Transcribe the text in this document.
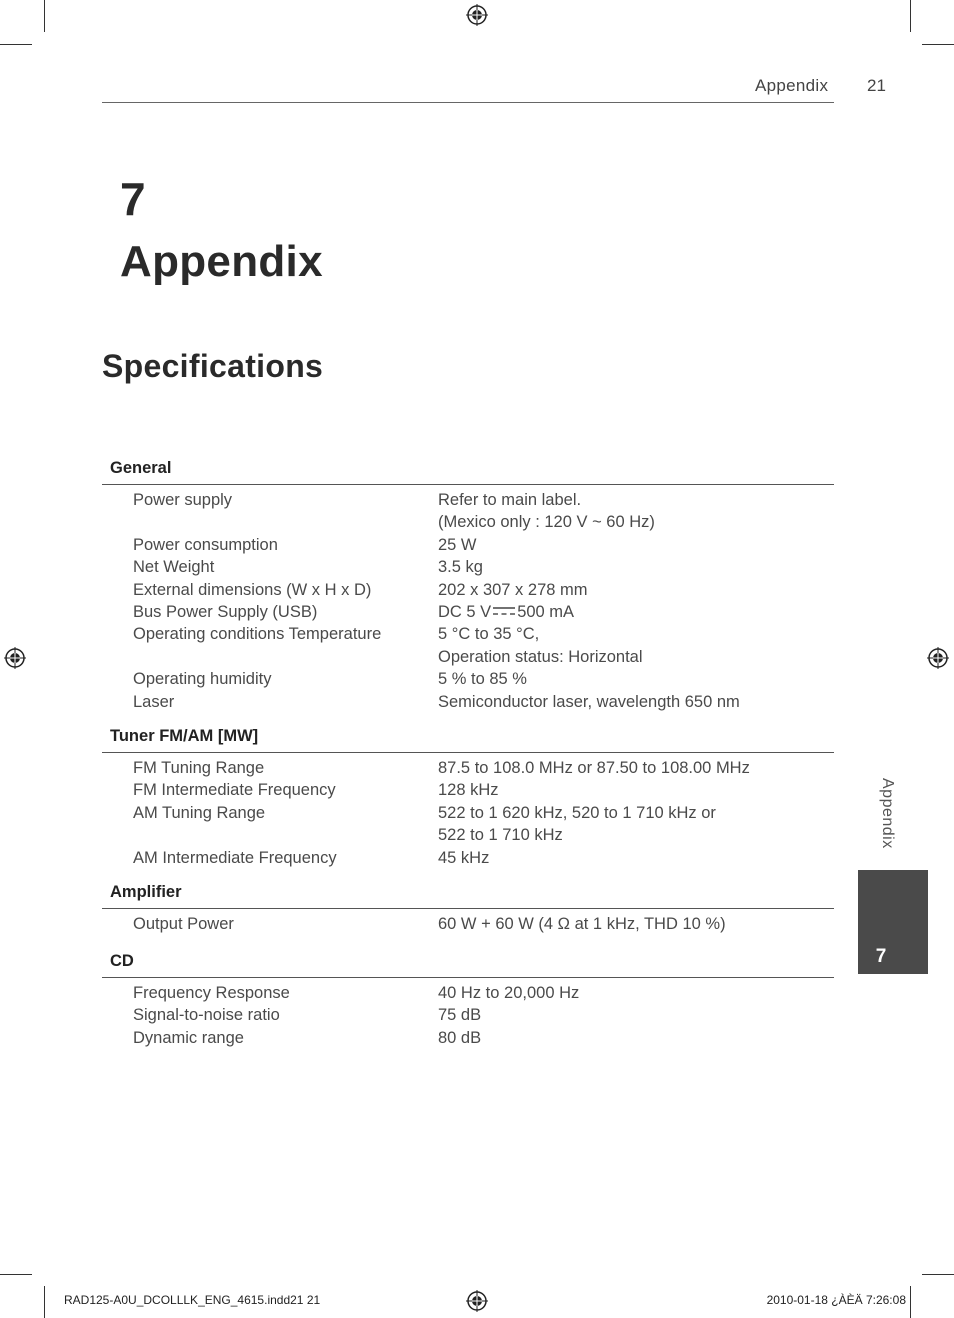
Appendix 21
7
Appendix
Specifications
General
Power supply	Refer to main label.
(Mexico only : 120 V ~ 60 Hz)
Power consumption	25 W
Net Weight	3.5 kg
External dimensions (W x H x D)	202 x 307 x 278 mm
Bus Power Supply (USB)	DC 5 V 500 mA
Operating conditions Temperature	5 °C to 35 °C,
Operation status: Horizontal
Operating humidity	5 % to 85 %
Laser	Semiconductor laser, wavelength 650 nm
Tuner FM/AM [MW]
FM Tuning Range	87.5 to 108.0 MHz or 87.50 to 108.00 MHz
FM Intermediate Frequency	128 kHz
AM Tuning Range	522 to 1 620 kHz, 520 to 1 710 kHz or
522 to 1 710 kHz
AM Intermediate Frequency	45 kHz
Amplifier
Output Power	60 W + 60 W (4 Ω at 1 kHz, THD 10 %)
CD
Frequency Response	40 Hz to 20,000 Hz
Signal-to-noise ratio	75 dB
Dynamic range	80 dB
Appendix
7
RAD125-A0U_DCOLLLK_ENG_4615.indd21 21	2010-01-18 ¿ÀÈÄ 7:26:08
